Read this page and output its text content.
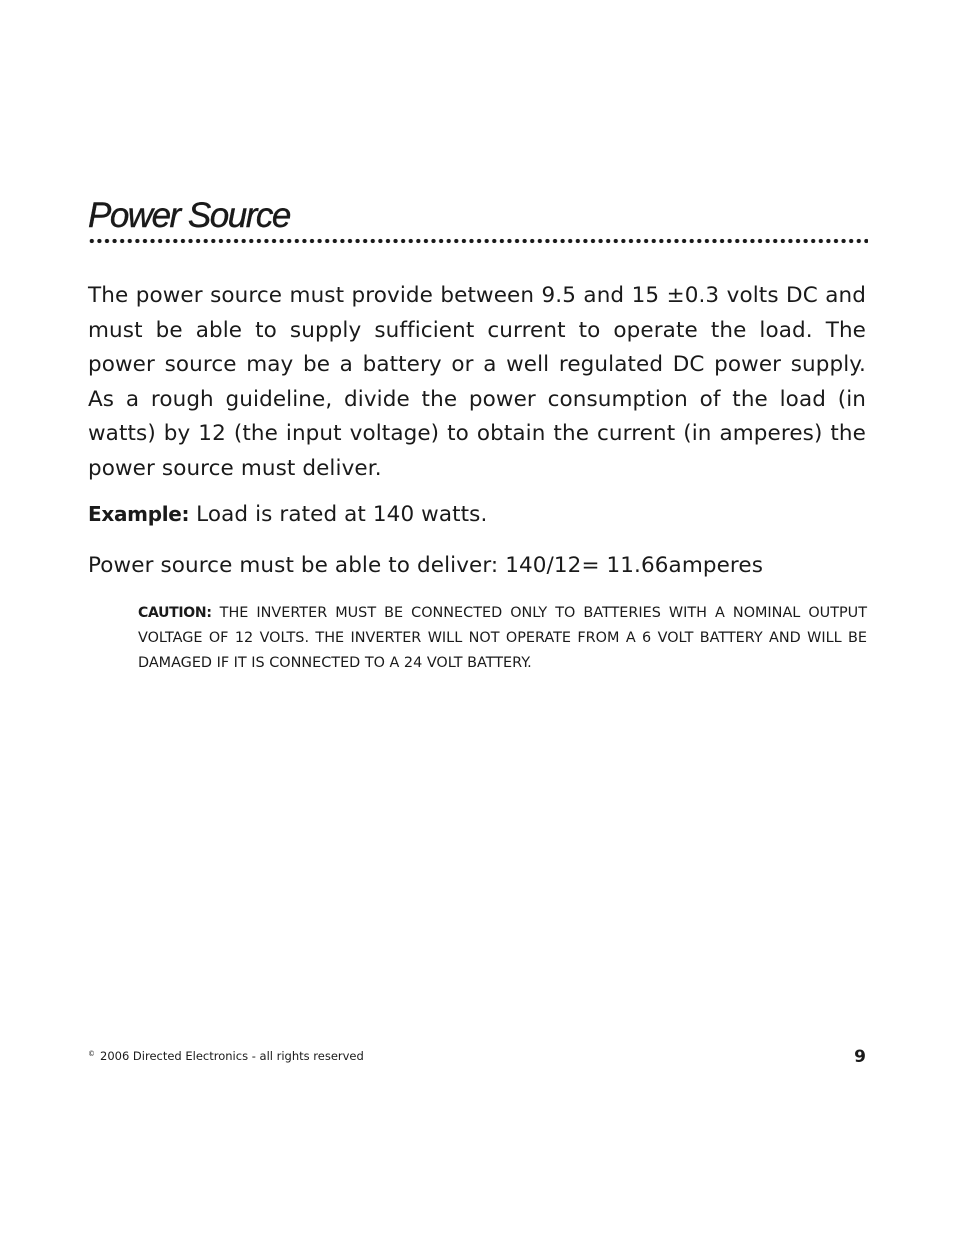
Power Source

The power source must provide between 9.5 and 15 ±0.3 volts DC and must be able to supply sufficient current to operate the load. The power source may be a battery or a well regulated DC power supply. As a rough guideline, divide the power consumption of the load (in watts) by 12 (the input voltage) to obtain the current (in amperes) the power source must deliver.

Example: Load is rated at 140 watts.

Power source must be able to deliver: 140/12= 11.66amperes

CAUTION: THE INVERTER MUST BE CONNECTED ONLY TO BATTERIES WITH A NOMINAL OUTPUT VOLTAGE OF 12 VOLTS. THE INVERTER WILL NOT OPERATE FROM A 6 VOLT BATTERY AND WILL BE DAMAGED IF IT IS CONNECTED TO A 24 VOLT BATTERY.

© 2006 Directed Electronics - all rights reserved	9
